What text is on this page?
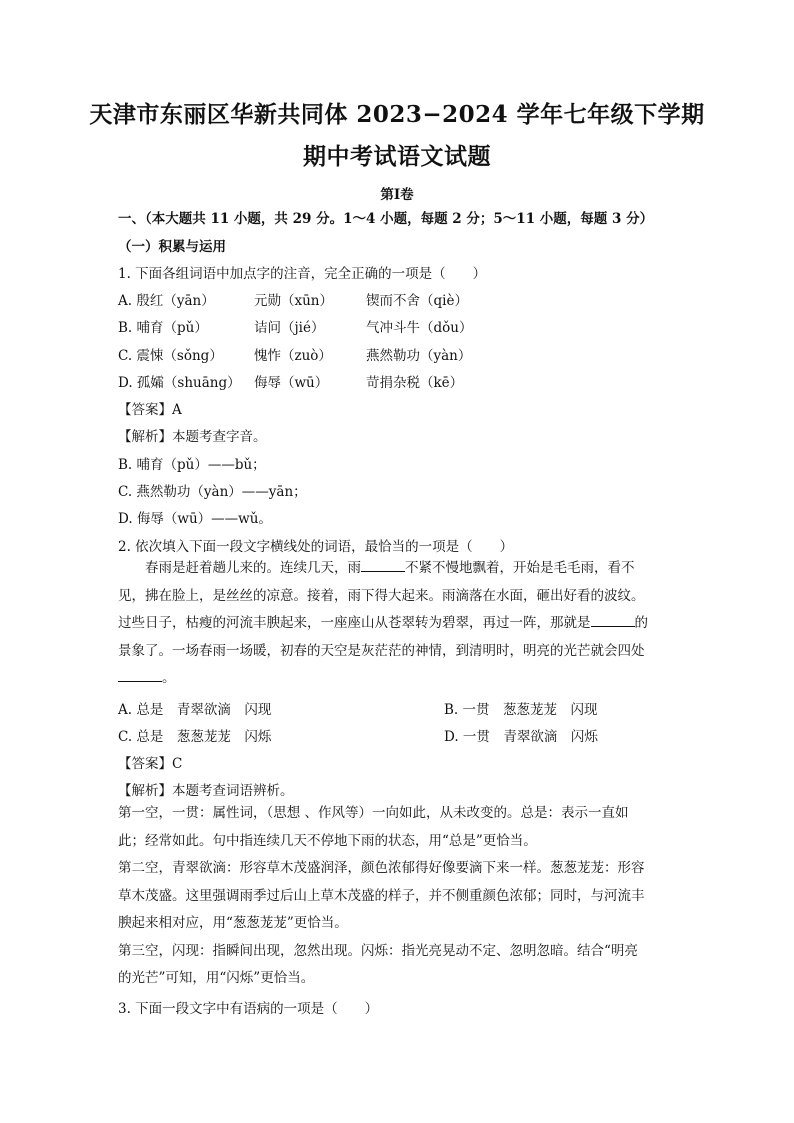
天津市东丽区华新共同体 2023−2024 学年七年级下学期
期中考试语文试题
第Ⅰ卷
一、（本大题共 11 小题，共 29 分。1～4 小题，每题 2 分；5～11 小题，每题 3 分）
（一）积累与运用
1. 下面各组词语中加点字的注音，完全正确的一项是（　　）
A. 殷红（yān）	元勋（xūn） 锲而不舍（qiè）
B. 哺育（pǔ）	诘问（jié）	气冲斗牛（dǒu）
C. 震悚（sǒng） 愧怍（zuò）	燕然勒功（yàn）
D. 孤孀（shuāng） 侮辱（wū）	苛捐杂税（kē）
【答案】A
【解析】本题考查字音。
B. 哺育（pǔ）——bǔ；
C. 燕然勒功（yàn）——yān；
D. 侮辱（wū）——wǔ。
2. 依次填入下面一段文字横线处的词语，最恰当的一项是（　　）
春雨是赶着趟儿来的。连续几天，雨	不紧不慢地飘着，开始是毛毛雨，看不
见，拂在脸上，是丝丝的凉意。接着，雨下得大起来。雨滴落在水面，砸出好看的波纹。
过些日子，枯瘦的河流丰腴起来，一座座山从苍翠转为碧翠，再过一阵，那就是	的
景象了。一场春雨一场暖，初春的天空是灰茫茫的神情，到清明时，明亮的光芒就会四处
。
A. 总是　青翠欲滴　闪现	B. 一贯　葱葱茏茏　闪现
C. 总是　葱葱茏茏　闪烁	D. 一贯　青翠欲滴　闪烁
【答案】C
【解析】本题考查词语辨析。
第一空，一贯：属性词，（思想 、作风等）一向如此，从未改变的。总是：表示一直如
此；经常如此。句中指连续几天不停地下雨的状态，用“总是”更恰当。
第二空，青翠欲滴：形容草木茂盛润泽，颜色浓郁得好像要滴下来一样。葱葱茏茏：形容
草木茂盛。这里强调雨季过后山上草木茂盛的样子，并不侧重颜色浓郁；同时，与河流丰
腴起来相对应，用“葱葱茏茏”更恰当。
第三空，闪现：指瞬间出现，忽然出现。闪烁：指光亮晃动不定、忽明忽暗。结合“明亮
的光芒”可知，用“闪烁”更恰当。
3. 下面一段文字中有语病的一项是（　　）
